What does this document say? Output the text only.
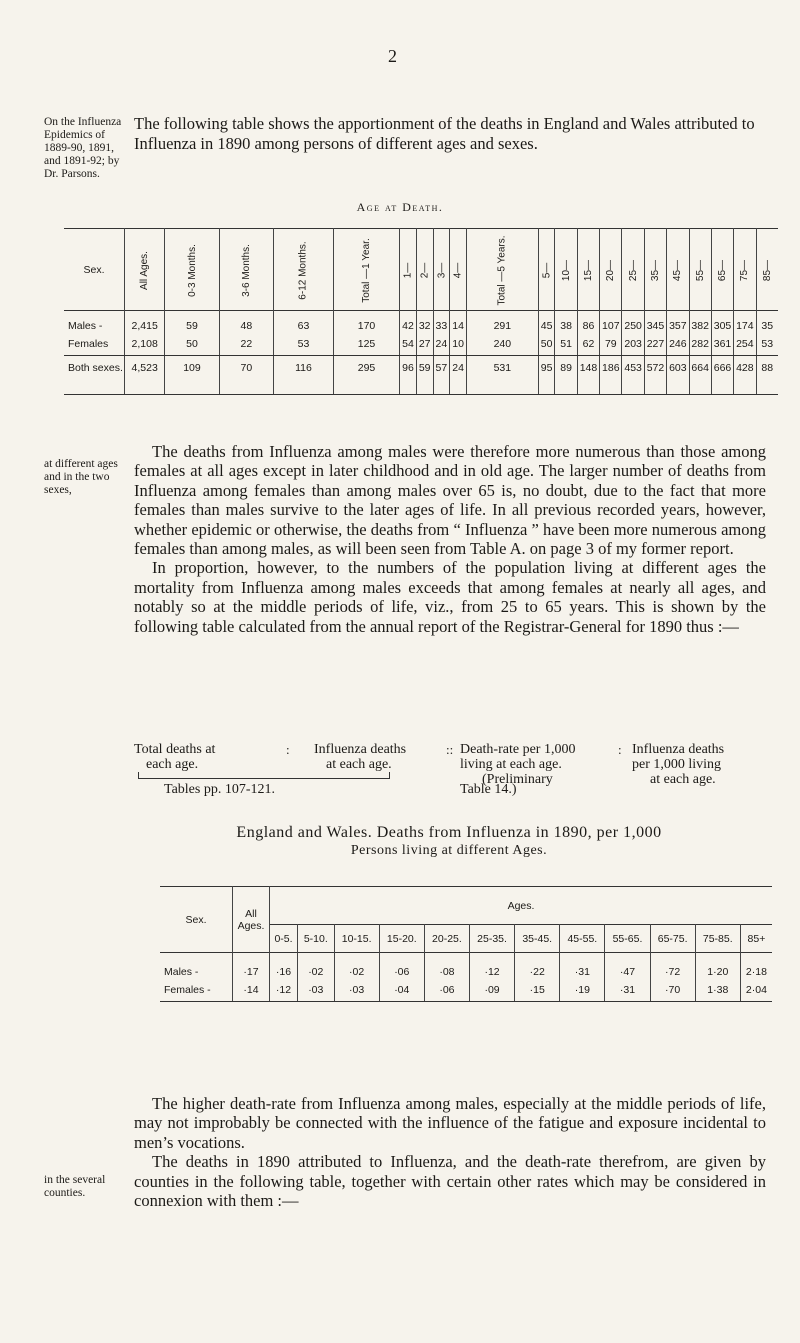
2
On the Influenza Epidemics of 1889-90, 1891, and 1891-92; by Dr. Parsons.
at different ages and in the two sexes,
in the several counties.
The following table shows the apportionment of the deaths in England and Wales attributed to Influenza in 1890 among persons of different ages and sexes.
Age at Death.
Sex.	All Ages.	0-3 Months.	3-6 Months.	6-12 Months.	Total —1 Year.	1—	2—	3—	4—	Total —5 Years.	5—	10—	15—	20—	25—	35—	45—	55—	65—	75—	85—
Males -	2,415	59	48	63	170	42	32	33	14	291	45	38	86	107	250	345	357	382	305	174	35
Females	2,108	50	22	53	125	54	27	24	10	240	50	51	62	79	203	227	246	282	361	254	53
Both sexes.	4,523	109	70	116	295	96	59	57	24	531	95	89	148	186	453	572	603	664	666	428	88

The deaths from Influenza among males were therefore more numerous than those among females at all ages except in later childhood and in old age. The larger number of deaths from Influenza among females than among males over 65 is, no doubt, due to the fact that more females than males survive to the later ages of life. In all previous recorded years, however, whether epidemic or otherwise, the deaths from “ Influenza ” have been more numerous among females than among males, as will been seen from Table A. on page 3 of my former report.

In proportion, however, to the numbers of the population living at different ages the mortality from Influenza among males exceeds that among females at nearly all ages, and notably so at the middle periods of life, viz., from 25 to 65 years. This is shown by the following table calculated from the annual report of the Registrar-General for 1890 thus :—

Total deaths at
each age.
: Influenza deaths
at each age.
:: Death-rate per 1,000
living at each age.
(Preliminary
: Influenza deaths
per 1,000 living
at each age.
Tables pp. 107-121.	Table 14.)
England and Wales. Deaths from Influenza in 1890, per 1,000
Persons living at different Ages.
Sex.	All Ages.	Ages.											
		0-5.	5-10.	10-15.	15-20.	20-25.	25-35.	35-45.	45-55.	55-65.	65-75.	75-85.	85+
Males -	·17	·16	·02	·02	·06	·08	·12	·22	·31	·47	·72	1·20	2·18
Females -	·14	·12	·03	·03	·04	·06	·09	·15	·19	·31	·70	1·38	2·04

The higher death-rate from Influenza among males, especially at the middle periods of life, may not improbably be connected with the influence of the fatigue and exposure incidental to men’s vocations.

The deaths in 1890 attributed to Influenza, and the death-rate therefrom, are given by counties in the following table, together with certain other rates which may be considered in connexion with them :—
